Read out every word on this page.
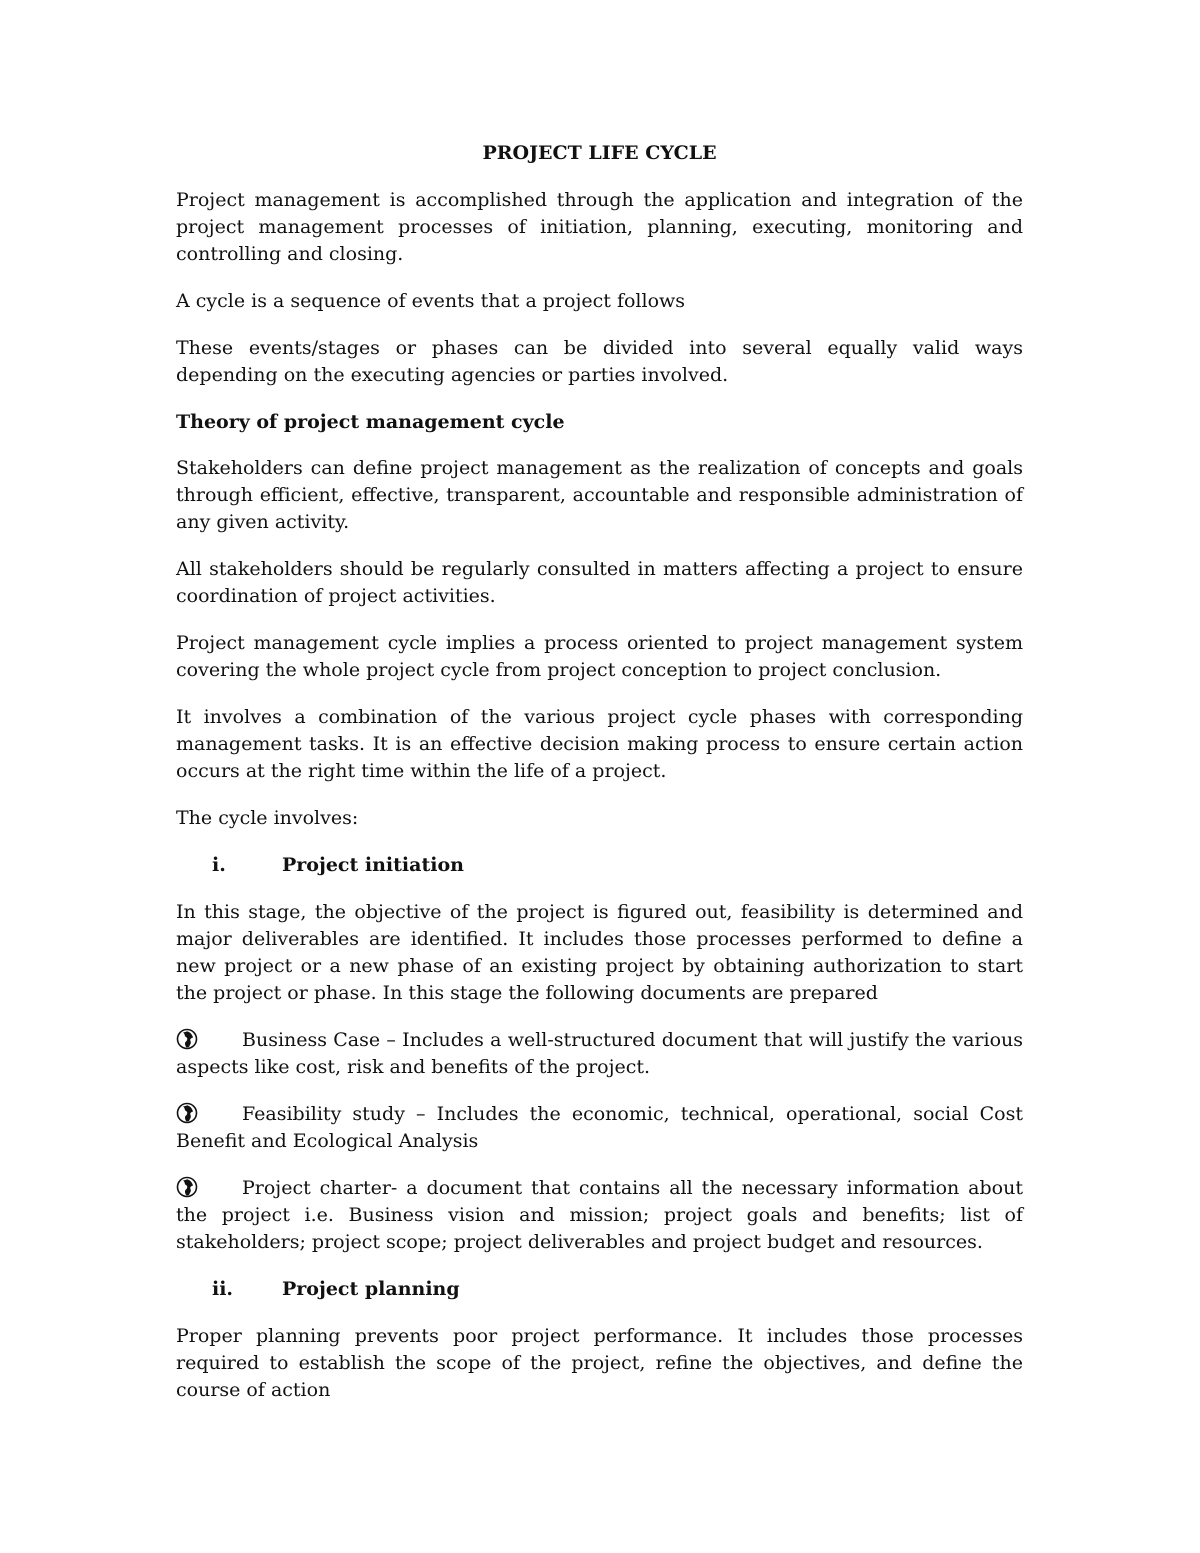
PROJECT LIFE CYCLE

Project management is accomplished through the application and integration of the project management processes of initiation, planning, executing, monitoring and controlling and closing.

A cycle is a sequence of events that a project follows

These events/stages or phases can be divided into several equally valid ways depending on the executing agencies or parties involved.

Theory of project management cycle

Stakeholders can define project management as the realization of concepts and goals through efficient, effective, transparent, accountable and responsible administration of any given activity.

All stakeholders should be regularly consulted in matters affecting a project to ensure coordination of project activities.

Project management cycle implies a process oriented to project management system covering the whole project cycle from project conception to project conclusion.

It involves a combination of the various project cycle phases with corresponding management tasks. It is an effective decision making process to ensure certain action occurs at the right time within the life of a project.

The cycle involves:

i.	Project initiation

In this stage, the objective of the project is figured out, feasibility is determined and major deliverables are identified. It includes those processes performed to define a new project or a new phase of an existing project by obtaining authorization to start the project or phase. In this stage the following documents are prepared

Business Case – Includes a well-structured document that will justify the various aspects like cost, risk and benefits of the project.
Feasibility study – Includes the economic, technical, operational, social Cost Benefit and Ecological Analysis
Project charter- a document that contains all the necessary information about the project i.e. Business vision and mission; project goals and benefits; list of stakeholders; project scope; project deliverables and project budget and resources.
ii.	Project planning

Proper planning prevents poor project performance. It includes those processes required to establish the scope of the project, refine the objectives, and define the course of action
